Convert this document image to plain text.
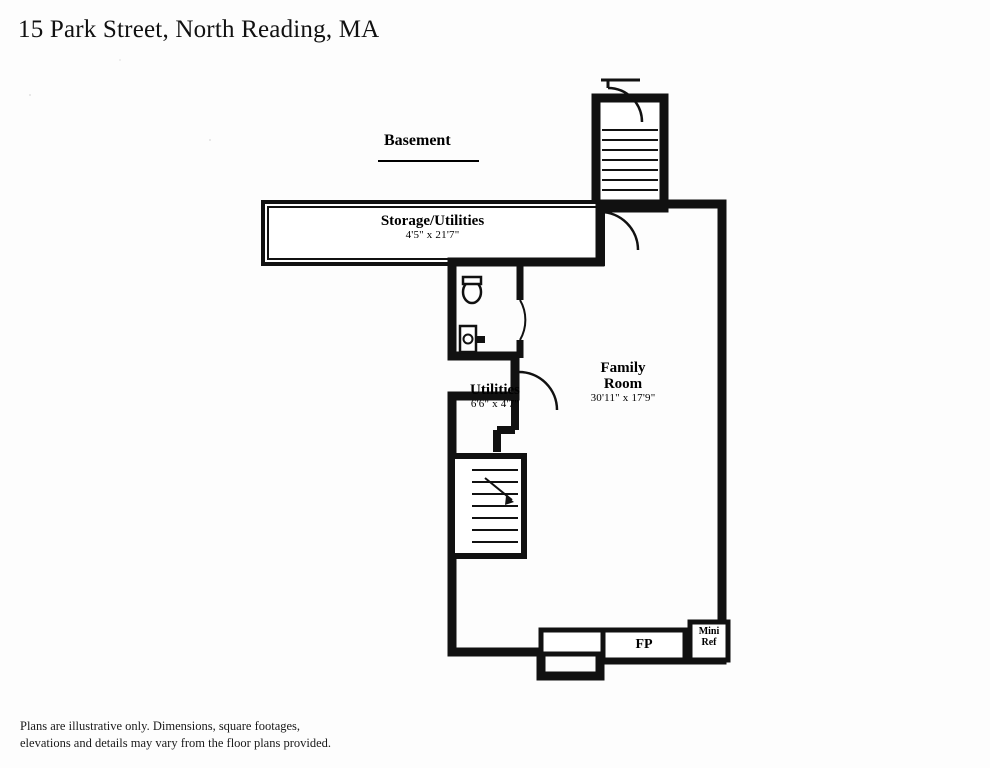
15 Park Street, North Reading, MA
Basement
Storage/Utilities
4'5" x 21'7"
Family
Room
30'11" x 17'9"
Utilities
6'6" x 4'7"
FP
Mini
Ref
Plans are illustrative only. Dimensions, square footages,
elevations and details may vary from the floor plans provided.
